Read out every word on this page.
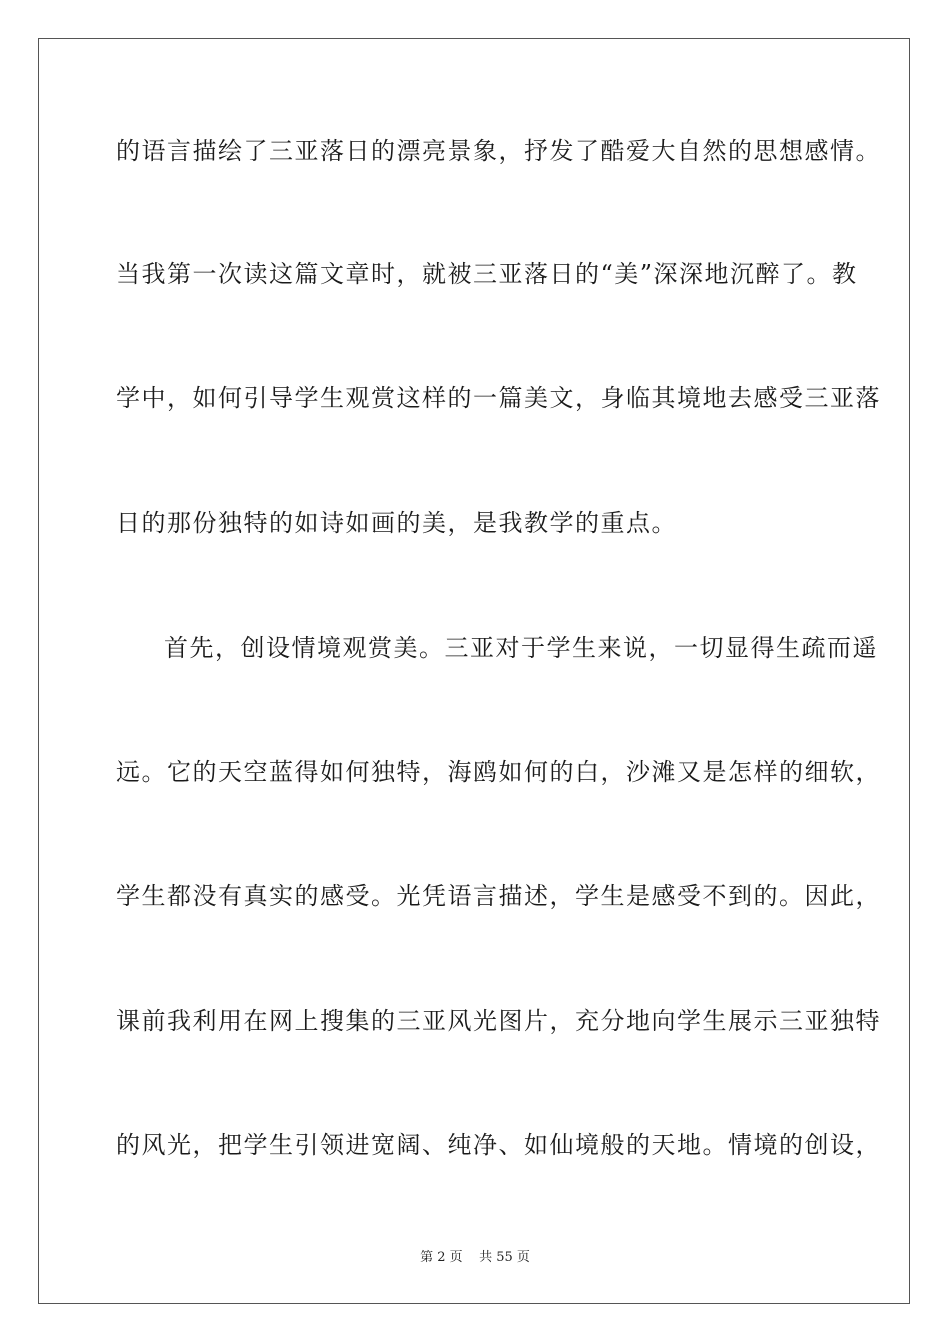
的语言描绘了三亚落日的漂亮景象，抒发了酷爱大自然的思想感情。
当我第一次读这篇文章时，就被三亚落日的“美”深深地沉醉了。教
学中，如何引导学生观赏这样的一篇美文，身临其境地去感受三亚落
日的那份独特的如诗如画的美，是我教学的重点。
首先，创设情境观赏美。三亚对于学生来说，一切显得生疏而遥
远。它的天空蓝得如何独特，海鸥如何的白，沙滩又是怎样的细软，
学生都没有真实的感受。光凭语言描述，学生是感受不到的。因此，
课前我利用在网上搜集的三亚风光图片，充分地向学生展示三亚独特
的风光，把学生引领进宽阔、纯净、如仙境般的天地。情境的创设，
第 2 页    共 55 页
